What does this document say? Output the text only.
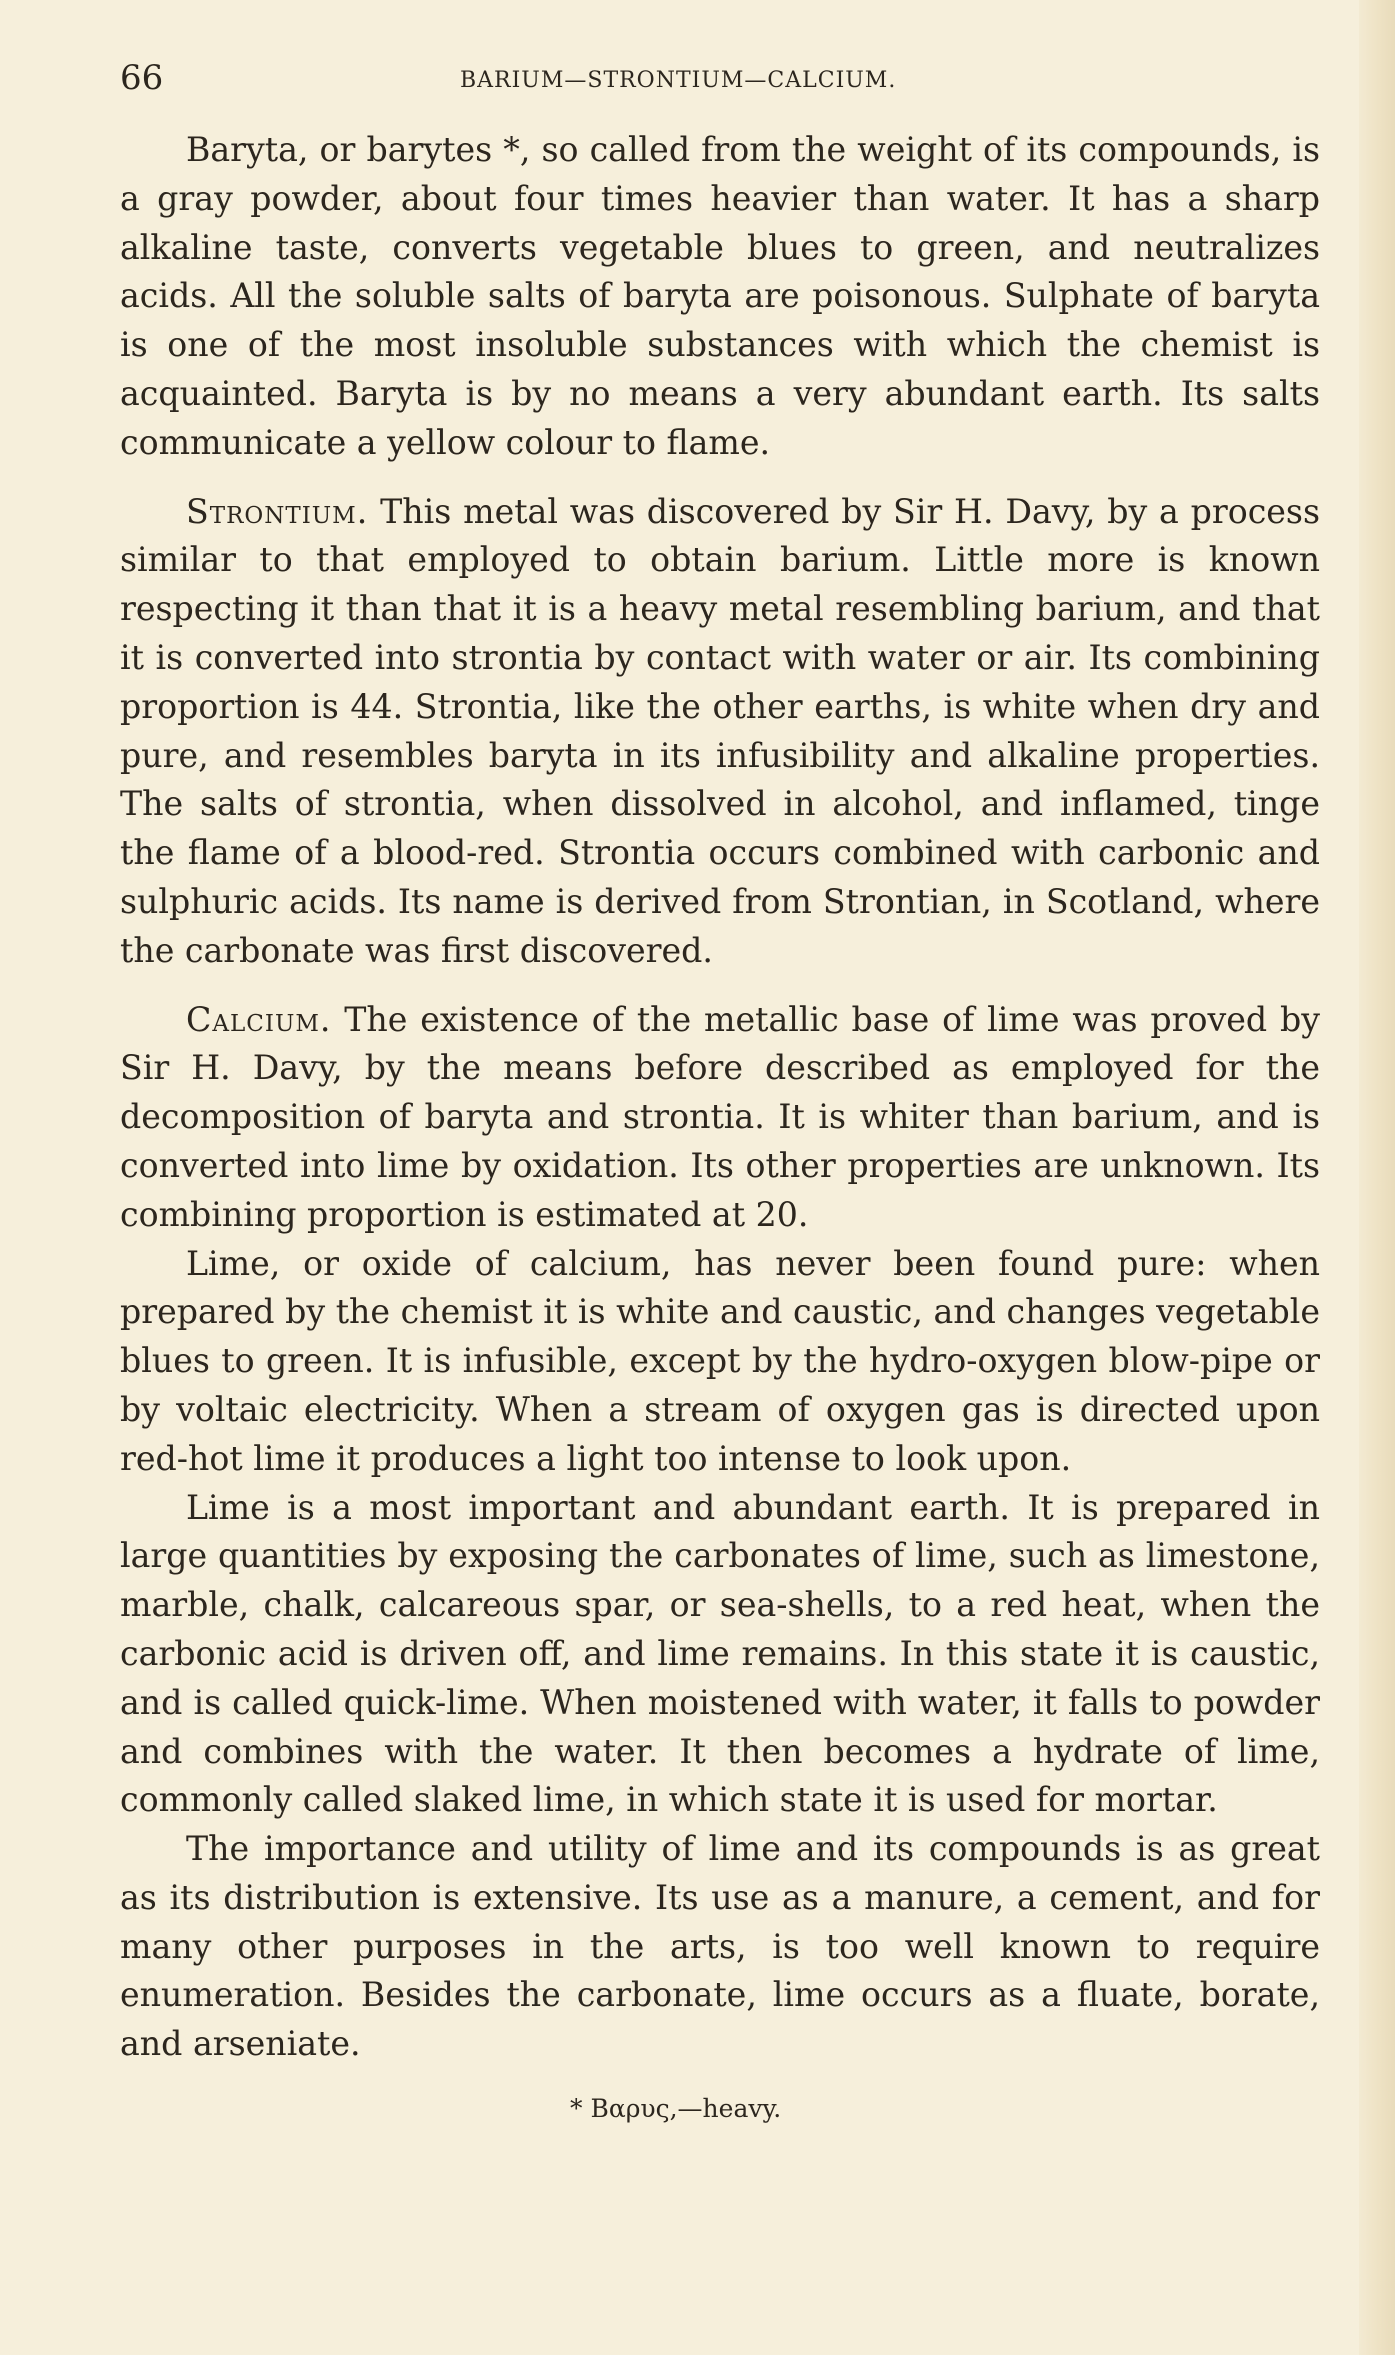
66	BARIUM—STRONTIUM—CALCIUM.

Baryta, or barytes *, so called from the weight of its compounds, is a gray powder, about four times heavier than water. It has a sharp alkaline taste, converts vegetable blues to green, and neutralizes acids. All the soluble salts of baryta are poisonous. Sulphate of baryta is one of the most insoluble substances with which the chemist is acquainted. Baryta is by no means a very abundant earth. Its salts communicate a yellow colour to flame.

Strontium. This metal was discovered by Sir H. Davy, by a process similar to that employed to obtain barium. Little more is known respecting it than that it is a heavy metal resembling barium, and that it is converted into strontia by contact with water or air. Its combining proportion is 44. Strontia, like the other earths, is white when dry and pure, and resembles baryta in its infusibility and alkaline properties. The salts of strontia, when dissolved in alcohol, and inflamed, tinge the flame of a blood-red. Strontia occurs combined with carbonic and sulphuric acids. Its name is derived from Strontian, in Scotland, where the carbonate was first discovered.

Calcium. The existence of the metallic base of lime was proved by Sir H. Davy, by the means before described as employed for the decomposition of baryta and strontia. It is whiter than barium, and is converted into lime by oxidation. Its other properties are unknown. Its combining proportion is estimated at 20.

Lime, or oxide of calcium, has never been found pure: when prepared by the chemist it is white and caustic, and changes vegetable blues to green. It is infusible, except by the hydro-oxygen blow-pipe or by voltaic electricity. When a stream of oxygen gas is directed upon red-hot lime it produces a light too intense to look upon.

Lime is a most important and abundant earth. It is prepared in large quantities by exposing the carbonates of lime, such as limestone, marble, chalk, calcareous spar, or sea-shells, to a red heat, when the carbonic acid is driven off, and lime remains. In this state it is caustic, and is called quick-lime. When moistened with water, it falls to powder and combines with the water. It then becomes a hydrate of lime, commonly called slaked lime, in which state it is used for mortar.

The importance and utility of lime and its compounds is as great as its distribution is extensive. Its use as a manure, a cement, and for many other purposes in the arts, is too well known to require enumeration. Besides the carbonate, lime occurs as a fluate, borate, and arseniate.

* Βαρυς,—heavy.
